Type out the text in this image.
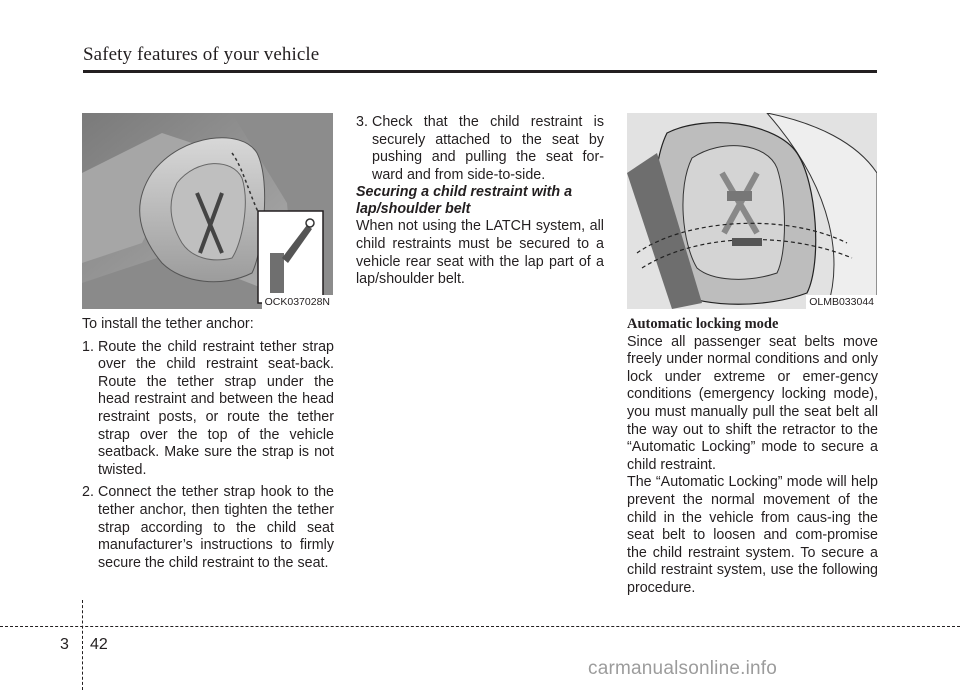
Safety features of your vehicle
OCK037028N	OLMB033044

To install the tether anchor:

1. Route the child restraint tether strap over the child restraint seat-back. Route the tether strap under the head restraint and between the head restraint posts, or route the tether strap over the top of the vehicle seatback. Make sure the strap is not twisted.
2. Connect the tether strap hook to the tether anchor, then tighten the tether strap according to the child seat manufacturer’s instructions to firmly secure the child restraint to the seat.
3. Check that the child restraint is securely attached to the seat by pushing and pulling the seat for-ward and from side-to-side.

Securing a child restraint with a lap/shoulder belt

When not using the LATCH system, all child restraints must be secured to a vehicle rear seat with the lap part of a lap/shoulder belt.

Automatic locking mode

Since all passenger seat belts move freely under normal conditions and only lock under extreme or emer-gency conditions (emergency locking mode), you must manually pull the seat belt all the way out to shift the retractor to the “Automatic Locking” mode to secure a child restraint.

The “Automatic Locking” mode will help prevent the normal movement of the child in the vehicle from caus-ing the seat belt to loosen and com-promise the child restraint system. To secure a child restraint system, use the following procedure.

3 42
carmanualsonline.info
